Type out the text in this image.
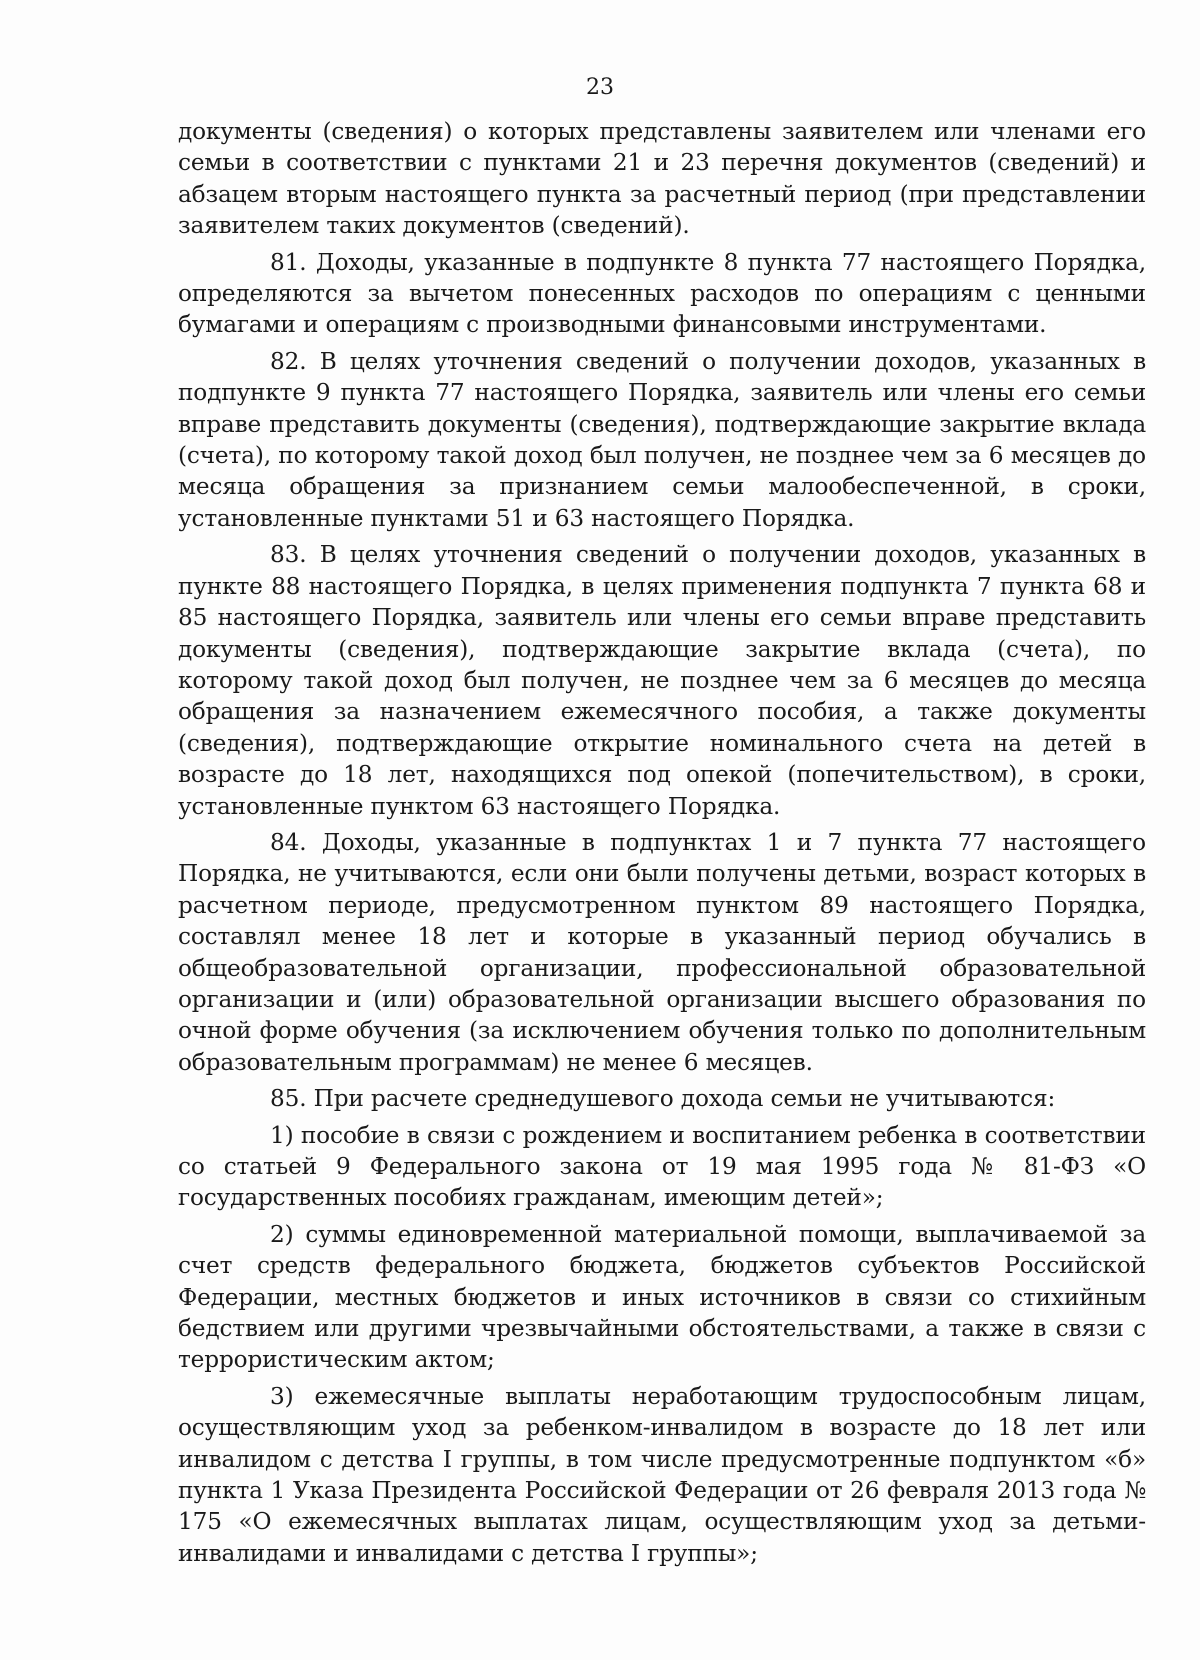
23

документы (сведения) о которых представлены заявителем или членами его семьи в соответствии с пунктами 21 и 23 перечня документов (сведений) и абзацем вторым настоящего пункта за расчетный период (при представлении заявителем таких документов (сведений).

81. Доходы, указанные в подпункте 8 пункта 77 настоящего Порядка, определяются за вычетом понесенных расходов по операциям с ценными бумагами и операциям с производными финансовыми инструментами.

82. В целях уточнения сведений о получении доходов, указанных в подпункте 9 пункта 77 настоящего Порядка, заявитель или члены его семьи вправе представить документы (сведения), подтверждающие закрытие вклада (счета), по которому такой доход был получен, не позднее чем за 6 месяцев до месяца обращения за признанием семьи малообеспеченной, в сроки, установленные пунктами 51 и 63 настоящего Порядка.

83. В целях уточнения сведений о получении доходов, указанных в пункте 88 настоящего Порядка, в целях применения подпункта 7 пункта 68 и 85 настоящего Порядка, заявитель или члены его семьи вправе представить документы (сведения), подтверждающие закрытие вклада (счета), по которому такой доход был получен, не позднее чем за 6 месяцев до месяца обращения за назначением ежемесячного пособия, а также документы (сведения), подтверждающие открытие номинального счета на детей в возрасте до 18 лет, находящихся под опекой (попечительством), в сроки, установленные пунктом 63 настоящего Порядка.

84. Доходы, указанные в подпунктах 1 и 7 пункта 77 настоящего Порядка, не учитываются, если они были получены детьми, возраст которых в расчетном периоде, предусмотренном пунктом 89 настоящего Порядка, составлял менее 18 лет и которые в указанный период обучались в общеобразовательной организации, профессиональной образовательной организации и (или) образовательной организации высшего образования по очной форме обучения (за исключением обучения только по дополнительным образовательным программам) не менее 6 месяцев.

85. При расчете среднедушевого дохода семьи не учитываются:

1) пособие в связи с рождением и воспитанием ребенка в соответствии со статьей 9 Федерального закона от 19 мая 1995 года № 81-ФЗ «О государственных пособиях гражданам, имеющим детей»;

2) суммы единовременной материальной помощи, выплачиваемой за счет средств федерального бюджета, бюджетов субъектов Российской Федерации, местных бюджетов и иных источников в связи со стихийным бедствием или другими чрезвычайными обстоятельствами, а также в связи с террористическим актом;

3) ежемесячные выплаты неработающим трудоспособным лицам, осуществляющим уход за ребенком-инвалидом в возрасте до 18 лет или инвалидом с детства I группы, в том числе предусмотренные подпунктом «б» пункта 1 Указа Президента Российской Федерации от 26 февраля 2013 года № 175 «О ежемесячных выплатах лицам, осуществляющим уход за детьми-инвалидами и инвалидами с детства I группы»;
